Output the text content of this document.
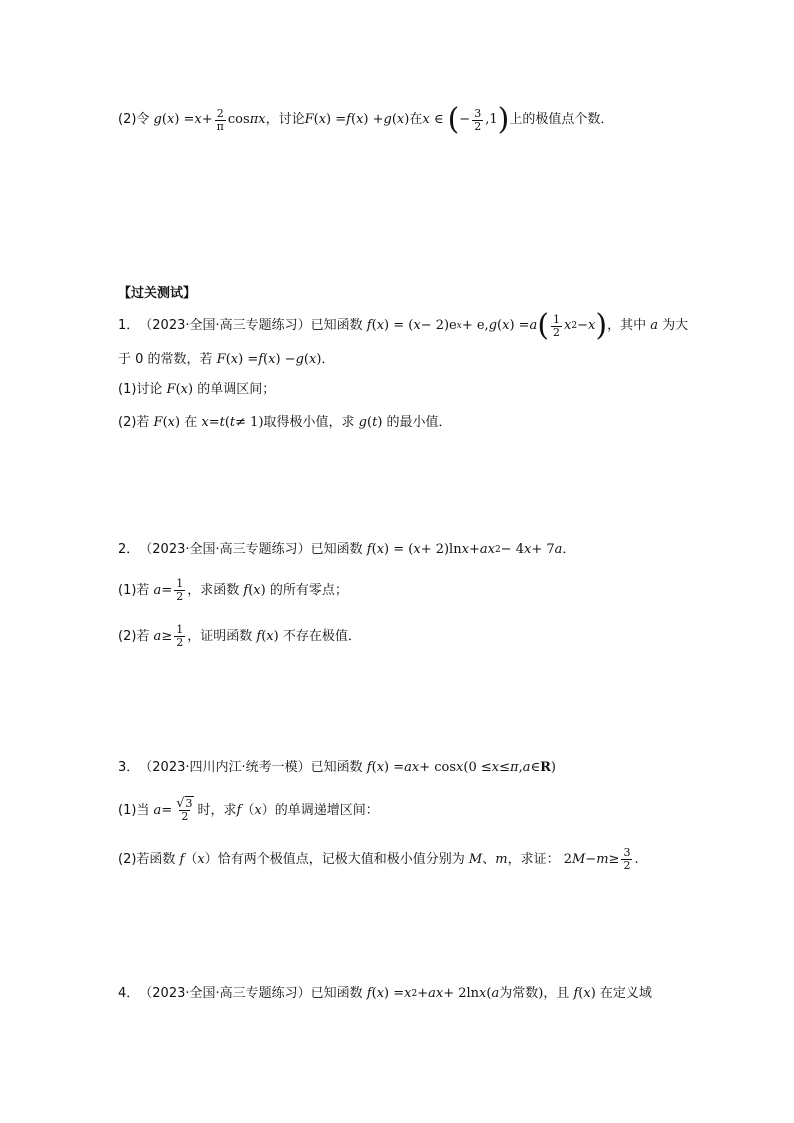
(2)令 g ( x ) = $x + \frac{2}{\pi}$ cos πx ，讨论 F ( x ) = f ( x ) + g ( x ) 在 x ∈ ( − $\frac{3}{2} ,1$ ) 上的极值点个数．
【过关测试】
1． （2023·全国·高三专题练习） 已知函数 f ( x ) = ( x − 2)e x + e, g ( x ) = a ( $\frac{1}{2}$ x 2 − x ) ，其中 a 为大
于 0 的常数，若 F ( x ) = f ( x ) − g ( x ) ．
(1)讨论 F ( x ) 的单调区间；
(2)若 F ( x ) 在 x = t ( t ≠ 1) 取得极小值，求 g ( t ) 的最小值．
2． （2023·全国·高三专题练习） 已知函数 f ( x ) = ( x + 2)ln x + ax 2 − 4 x + 7 a ．
(1)若 $a = \frac{1}{2}$ ，求函数 f ( x ) 的所有零点；
(2)若 $a \ge \frac{1}{2}$ ，证明函数 f ( x ) 不存在极值．
3． （2023·四川内江·统考一模） 已知函数 f ( x ) = ax + cos x (0 ≤ x ≤ π , a ∈ R )
(1)当 $a = \frac{√3}{2}$ 时，求 f （ x ） 的单调递增区间：
(2)若函数 f （ x ） 恰有两个极值点，记极大值和极小值分别为 M 、 m ，求证： 2 $M - m \ge \frac{3}{2}$ .
4． （2023·全国·高三专题练习） 已知函数 f ( x ) = x 2 + ax + 2ln x ( a 为常数) ，且 f ( x ) 在定义域
